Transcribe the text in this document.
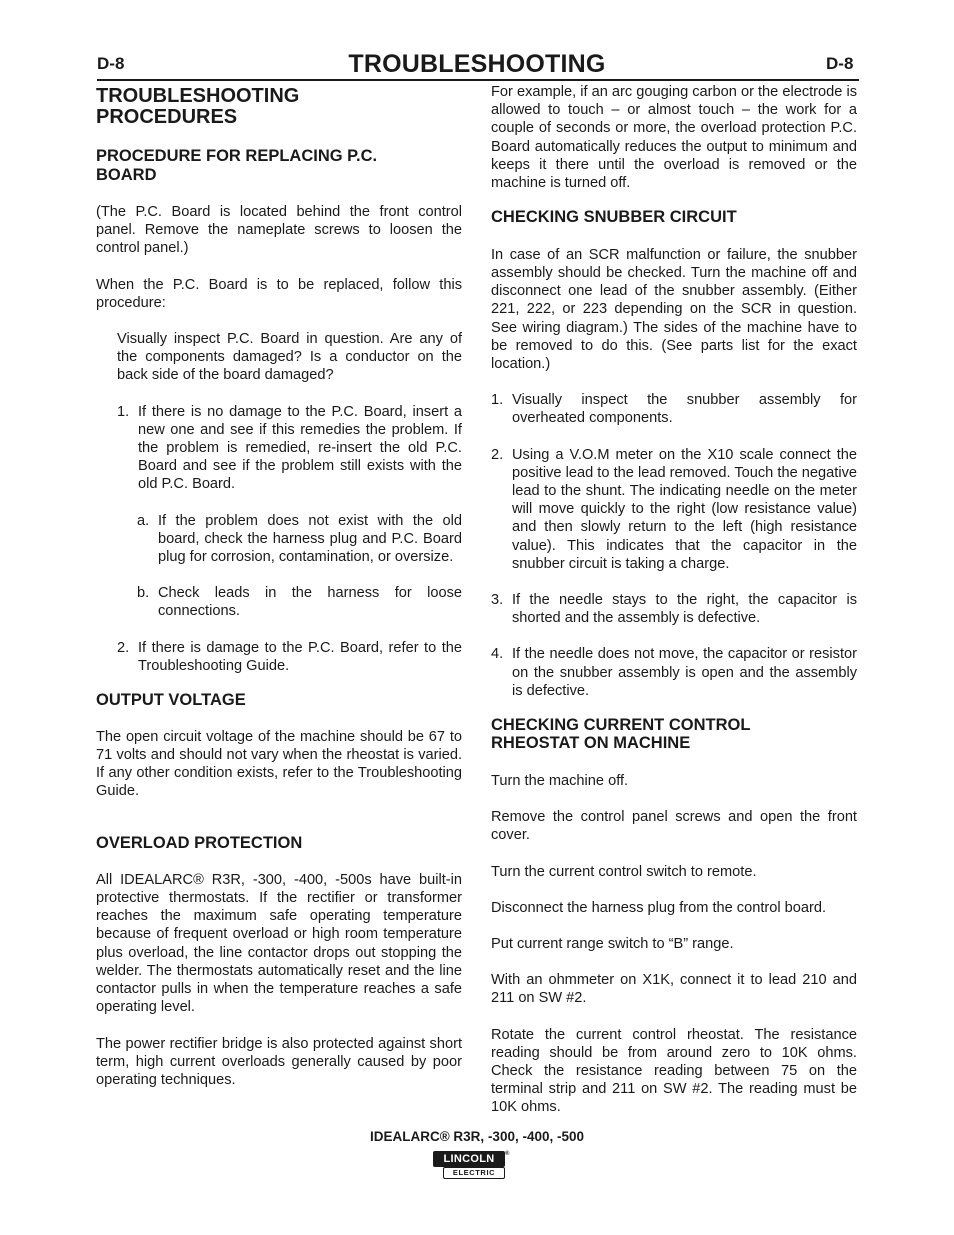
D-8	TROUBLESHOOTING	D-8
TROUBLESHOOTING PROCEDURES
PROCEDURE FOR REPLACING P.C. BOARD

(The P.C. Board is located behind the front control panel. Remove the nameplate screws to loosen the control panel.)

When the P.C. Board is to be replaced, follow this procedure:

Visually inspect P.C. Board in question. Are any of the components damaged? Is a conductor on the back side of the board damaged?

1. If there is no damage to the P.C. Board, insert a new one and see if this remedies the problem. If the problem is remedied, re-insert the old P.C. Board and see if the problem still exists with the old P.C. Board.

a. If the problem does not exist with the old board, check the harness plug and P.C. Board plug for corrosion, contamination, or oversize.

b. Check leads in the harness for loose connections.

2. If there is damage to the P.C. Board, refer to the Troubleshooting Guide.

OUTPUT VOLTAGE

The open circuit voltage of the machine should be 67 to 71 volts and should not vary when the rheostat is varied. If any other condition exists, refer to the Troubleshooting Guide.

OVERLOAD PROTECTION

All IDEALARC® R3R, -300, -400, -500s have built-in protective thermostats. If the rectifier or transformer reaches the maximum safe operating temperature because of frequent overload or high room temperature plus overload, the line contactor drops out stopping the welder. The thermostats automatically reset and the line contactor pulls in when the temperature reaches a safe operating level.

The power rectifier bridge is also protected against short term, high current overloads generally caused by poor operating techniques.

For example, if an arc gouging carbon or the electrode is allowed to touch – or almost touch – the work for a couple of seconds or more, the overload protection P.C. Board automatically reduces the output to minimum and keeps it there until the overload is removed or the machine is turned off.

CHECKING SNUBBER CIRCUIT

In case of an SCR malfunction or failure, the snubber assembly should be checked. Turn the machine off and disconnect one lead of the snubber assembly. (Either 221, 222, or 223 depending on the SCR in question. See wiring diagram.) The sides of the machine have to be removed to do this. (See parts list for the exact location.)

1. Visually inspect the snubber assembly for overheated components.

2. Using a V.O.M meter on the X10 scale connect the positive lead to the lead removed. Touch the negative lead to the shunt. The indicating needle on the meter will move quickly to the right (low resistance value) and then slowly return to the left (high resistance value). This indicates that the capacitor in the snubber circuit is taking a charge.

3. If the needle stays to the right, the capacitor is shorted and the assembly is defective.

4. If the needle does not move, the capacitor or resistor on the snubber assembly is open and the assembly is defective.

CHECKING CURRENT CONTROL RHEOSTAT ON MACHINE

Turn the machine off.

Remove the control panel screws and open the front cover.

Turn the current control switch to remote.

Disconnect the harness plug from the control board.

Put current range switch to “B” range.

With an ohmmeter on X1K, connect it to lead 210 and 211 on SW #2.

Rotate the current control rheostat. The resistance reading should be from around zero to 10K ohms. Check the resistance reading between 75 on the terminal strip and 211 on SW #2. The reading must be 10K ohms.

IDEALARC® R3R, -300, -400, -500
LINCOLN
ELECTRIC
®
